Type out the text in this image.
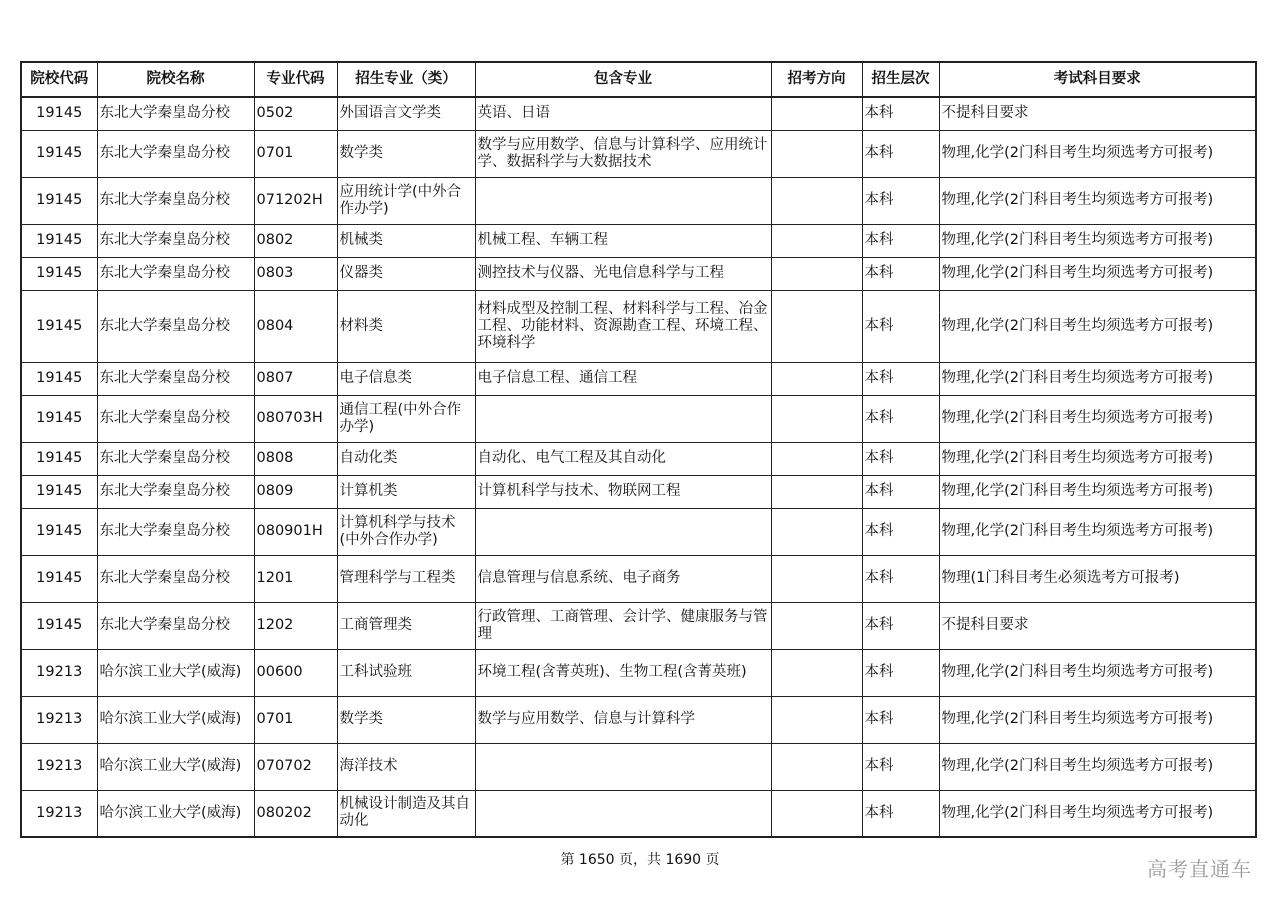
院校代码	院校名称	专业代码	招生专业（类）	包含专业	招考方向	招生层次	考试科目要求
19145	东北大学秦皇岛分校	0502	外国语言文学类	英语、日语		本科	不提科目要求
19145	东北大学秦皇岛分校	0701	数学类	数学与应用数学、信息与计算科学、应用统计学、数据科学与大数据技术		本科	物理,化学(2门科目考生均须选考方可报考)
19145	东北大学秦皇岛分校	071202H	应用统计学(中外合作办学)			本科	物理,化学(2门科目考生均须选考方可报考)
19145	东北大学秦皇岛分校	0802	机械类	机械工程、车辆工程		本科	物理,化学(2门科目考生均须选考方可报考)
19145	东北大学秦皇岛分校	0803	仪器类	测控技术与仪器、光电信息科学与工程		本科	物理,化学(2门科目考生均须选考方可报考)
19145	东北大学秦皇岛分校	0804	材料类	材料成型及控制工程、材料科学与工程、冶金工程、功能材料、资源勘查工程、环境工程、环境科学		本科	物理,化学(2门科目考生均须选考方可报考)
19145	东北大学秦皇岛分校	0807	电子信息类	电子信息工程、通信工程		本科	物理,化学(2门科目考生均须选考方可报考)
19145	东北大学秦皇岛分校	080703H	通信工程(中外合作办学)			本科	物理,化学(2门科目考生均须选考方可报考)
19145	东北大学秦皇岛分校	0808	自动化类	自动化、电气工程及其自动化		本科	物理,化学(2门科目考生均须选考方可报考)
19145	东北大学秦皇岛分校	0809	计算机类	计算机科学与技术、物联网工程		本科	物理,化学(2门科目考生均须选考方可报考)
19145	东北大学秦皇岛分校	080901H	计算机科学与技术(中外合作办学)			本科	物理,化学(2门科目考生均须选考方可报考)
19145	东北大学秦皇岛分校	1201	管理科学与工程类	信息管理与信息系统、电子商务		本科	物理(1门科目考生必须选考方可报考)
19145	东北大学秦皇岛分校	1202	工商管理类	行政管理、工商管理、会计学、健康服务与管理		本科	不提科目要求
19213	哈尔滨工业大学(威海)	00600	工科试验班	环境工程(含菁英班)、生物工程(含菁英班)		本科	物理,化学(2门科目考生均须选考方可报考)
19213	哈尔滨工业大学(威海)	0701	数学类	数学与应用数学、信息与计算科学		本科	物理,化学(2门科目考生均须选考方可报考)
19213	哈尔滨工业大学(威海)	070702	海洋技术			本科	物理,化学(2门科目考生均须选考方可报考)
19213	哈尔滨工业大学(威海)	080202	机械设计制造及其自动化			本科	物理,化学(2门科目考生均须选考方可报考)
第 1650 页，共 1690 页	高考直通车
